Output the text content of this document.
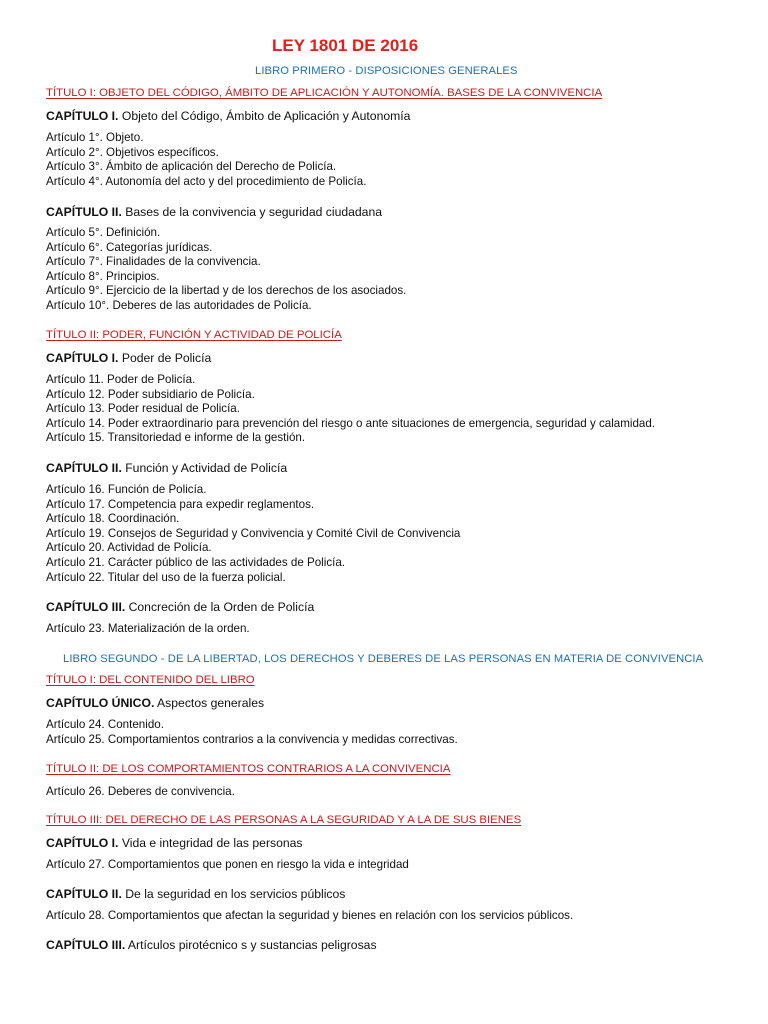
LEY 1801 DE 2016
LIBRO PRIMERO - DISPOSICIONES GENERALES
TÍTULO I: OBJETO DEL CÓDIGO, ÁMBITO DE APLICACIÓN Y AUTONOMÍA. BASES DE LA CONVIVENCIA
CAPÍTULO I. Objeto del Código, Ámbito de Aplicación y Autonomía
Artículo 1°. Objeto.
Artículo 2°. Objetivos específicos.
Artículo 3°. Ámbito de aplicación del Derecho de Policía.
Artículo 4°. Autonomía del acto y del procedimiento de Policía.
CAPÍTULO II. Bases de la convivencia y seguridad ciudadana
Artículo 5°. Definición.
Artículo 6°. Categorías jurídicas.
Artículo 7°. Finalidades de la convivencia.
Artículo 8°. Principios.
Artículo 9°. Ejercicio de la libertad y de los derechos de los asociados.
Artículo 10°. Deberes de las autoridades de Policía.
TÍTULO II: PODER, FUNCIÓN Y ACTIVIDAD DE POLICÍA
CAPÍTULO I. Poder de Policía
Artículo 11. Poder de Policía.
Artículo 12. Poder subsidiario de Policía.
Artículo 13. Poder residual de Policía.
Artículo 14. Poder extraordinario para prevención del riesgo o ante situaciones de emergencia, seguridad y calamidad.
Artículo 15. Transitoriedad e informe de la gestión.
CAPÍTULO II. Función y Actividad de Policía
Artículo 16. Función de Policía.
Artículo 17. Competencia para expedir reglamentos.
Artículo 18. Coordinación.
Artículo 19. Consejos de Seguridad y Convivencia y Comité Civil de Convivencia
Artículo 20. Actividad de Policía.
Artículo 21. Carácter público de las actividades de Policía.
Artículo 22. Titular del uso de la fuerza policial.
CAPÍTULO III. Concreción de la Orden de Policía
Artículo 23. Materialización de la orden.
LIBRO SEGUNDO - DE LA LIBERTAD, LOS DERECHOS Y DEBERES DE LAS PERSONAS EN MATERIA DE CONVIVENCIA
TÍTULO I: DEL CONTENIDO DEL LIBRO
CAPÍTULO ÚNICO. Aspectos generales
Artículo 24. Contenido.
Artículo 25. Comportamientos contrarios a la convivencia y medidas correctivas.
TÍTULO II: DE LOS COMPORTAMIENTOS CONTRARIOS A LA CONVIVENCIA
Artículo 26. Deberes de convivencia.
TÍTULO III: DEL DERECHO DE LAS PERSONAS A LA SEGURIDAD Y A LA DE SUS BIENES
CAPÍTULO I. Vida e integridad de las personas
Artículo 27. Comportamientos que ponen en riesgo la vida e integridad
CAPÍTULO II. De la seguridad en los servicios públicos
Artículo 28. Comportamientos que afectan la seguridad y bienes en relación con los servicios públicos.
CAPÍTULO III. Artículos pirotécnico s y sustancias peligrosas
